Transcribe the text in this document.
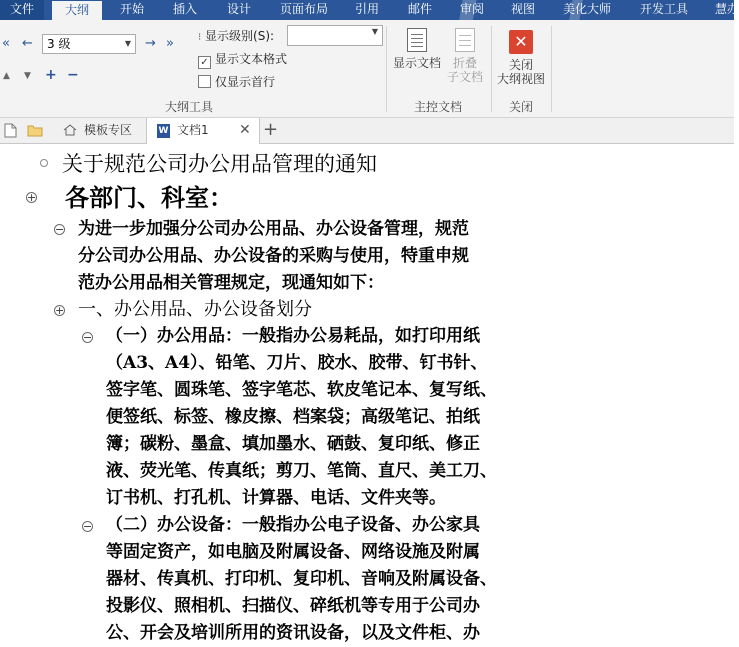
文件	大纲	开始 插入 设计 页面布局 引用 邮件 审阅 视图 美化大师 开发工具 慧办
« ←	3 级	▼ → »
▲ ▼ + −
⁝ 显示级别(S):	▼
✓ 显示文本格式
仅显示首行
大纲工具
显示文档 折叠
子文档
主控文档
✕
关闭
大纲视图
关闭
模板专区	W 文档1 ✕ +
关于规范公司办公用品管理的通知
+ 各部门、科室：
− 为进一步加强分公司办公用品、办公设备管理，规范
分公司办公用品、办公设备的采购与使用，特重申规
范办公用品相关管理规定，现通知如下：
+ 一、办公用品、办公设备划分
− （一）办公用品：一般指办公易耗品，如打印用纸
（A3、A4）、铅笔、刀片、胶水、胶带、钉书针、
签字笔、圆珠笔、签字笔芯、软皮笔记本、复写纸、
便签纸、标签、橡皮擦、档案袋；高级笔记、拍纸
簿；碳粉、墨盒、填加墨水、硒鼓、复印纸、修正
液、荧光笔、传真纸；剪刀、笔筒、直尺、美工刀、
订书机、打孔机、计算器、电话、文件夹等。
− （二）办公设备：一般指办公电子设备、办公家具
等固定资产，如电脑及附属设备、网络设施及附属
器材、传真机、打印机、复印机、音响及附属设备、
投影仪、照相机、扫描仪、碎纸机等专用于公司办
公、开会及培训所用的资讯设备，以及文件柜、办
